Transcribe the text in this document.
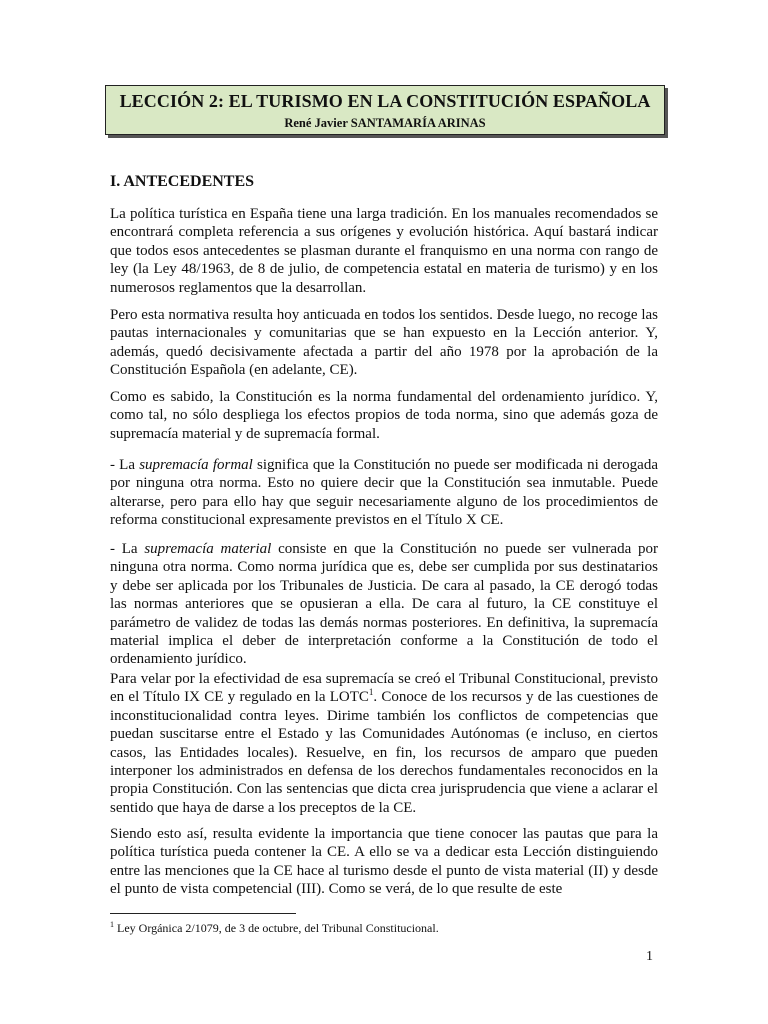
LECCIÓN 2: EL TURISMO EN LA CONSTITUCIÓN ESPAÑOLA
René Javier SANTAMARÍA ARINAS
I. ANTECEDENTES

La política turística en España tiene una larga tradición. En los manuales recomendados se encontrará completa referencia a sus orígenes y evolución histórica. Aquí bastará indicar que todos esos antecedentes se plasman durante el franquismo en una norma con rango de ley (la Ley 48/1963, de 8 de julio, de competencia estatal en materia de turismo) y en los numerosos reglamentos que la desarrollan.

Pero esta normativa resulta hoy anticuada en todos los sentidos. Desde luego, no recoge las pautas internacionales y comunitarias que se han expuesto en la Lección anterior. Y, además, quedó decisivamente afectada a partir del año 1978 por la aprobación de la Constitución Española (en adelante, CE).

Como es sabido, la Constitución es la norma fundamental del ordenamiento jurídico. Y, como tal, no sólo despliega los efectos propios de toda norma, sino que además goza de supremacía material y de supremacía formal.

- La supremacía formal significa que la Constitución no puede ser modificada ni derogada por ninguna otra norma. Esto no quiere decir que la Constitución sea inmutable. Puede alterarse, pero para ello hay que seguir necesariamente alguno de los procedimientos de reforma constitucional expresamente previstos en el Título X CE.

- La supremacía material consiste en que la Constitución no puede ser vulnerada por ninguna otra norma. Como norma jurídica que es, debe ser cumplida por sus destinatarios y debe ser aplicada por los Tribunales de Justicia. De cara al pasado, la CE derogó todas las normas anteriores que se opusieran a ella. De cara al futuro, la CE constituye el parámetro de validez de todas las demás normas posteriores. En definitiva, la supremacía material implica el deber de interpretación conforme a la Constitución de todo el ordenamiento jurídico.

Para velar por la efectividad de esa supremacía se creó el Tribunal Constitucional, previsto en el Título IX CE y regulado en la LOTC$^1$. Conoce de los recursos y de las cuestiones de inconstitucionalidad contra leyes. Dirime también los conflictos de competencias que puedan suscitarse entre el Estado y las Comunidades Autónomas (e incluso, en ciertos casos, las Entidades locales). Resuelve, en fin, los recursos de amparo que pueden interponer los administrados en defensa de los derechos fundamentales reconocidos en la propia Constitución. Con las sentencias que dicta crea jurisprudencia que viene a aclarar el sentido que haya de darse a los preceptos de la CE.

Siendo esto así, resulta evidente la importancia que tiene conocer las pautas que para la política turística pueda contener la CE. A ello se va a dedicar esta Lección distinguiendo entre las menciones que la CE hace al turismo desde el punto de vista material (II) y desde el punto de vista competencial (III). Como se verá, de lo que resulte de este

$^1$ Ley Orgánica 2/1079, de 3 de octubre, del Tribunal Constitucional.
1
